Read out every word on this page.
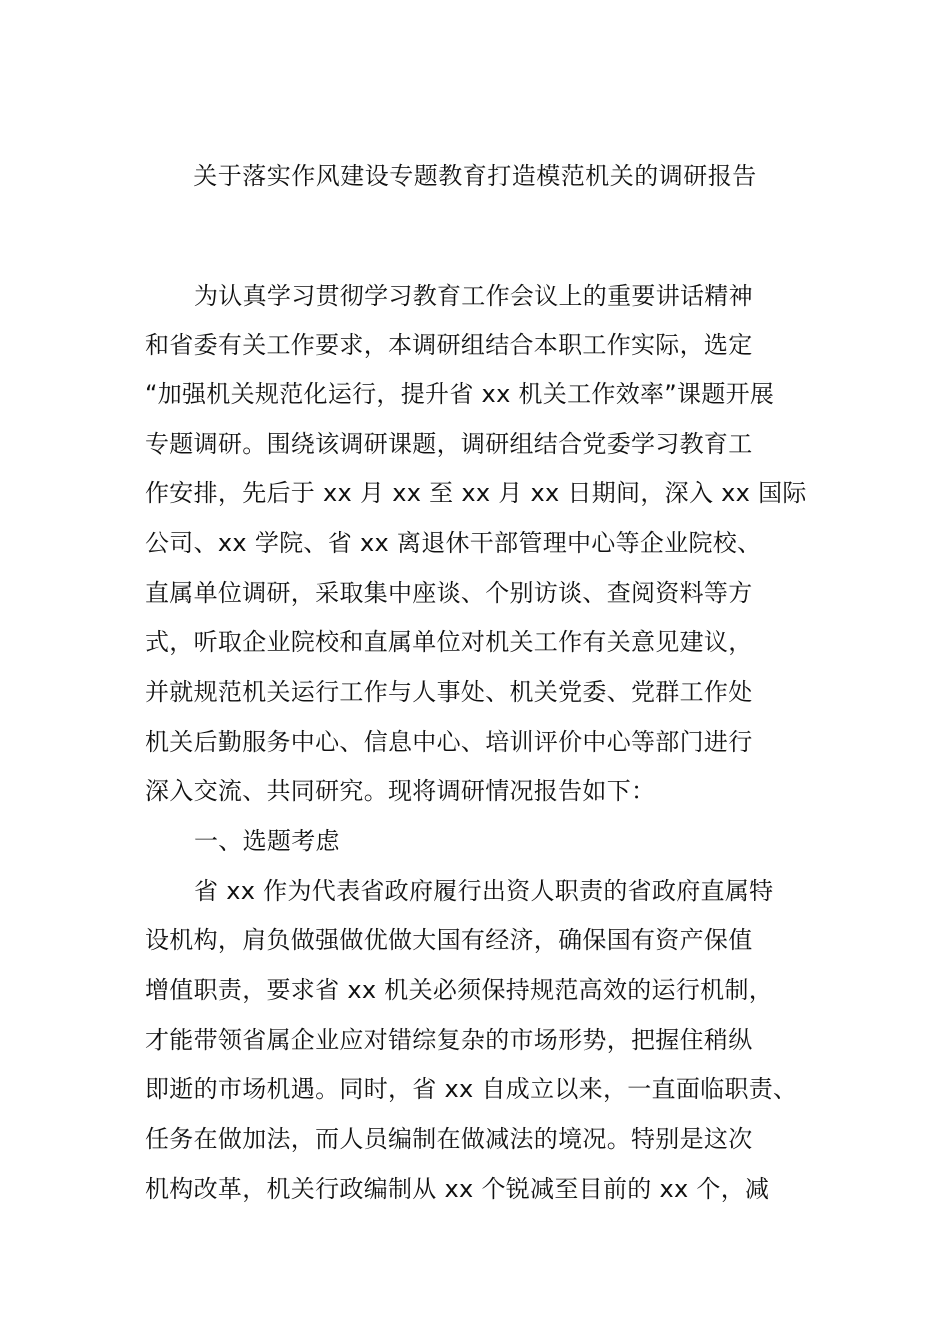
关于落实作风建设专题教育打造模范机关的调研报告
为认真学习贯彻学习教育工作会议上的重要讲话精神
和省委有关工作要求，本调研组结合本职工作实际，选定
“加强机关规范化运行，提升省 xx 机关工作效率”课题开展
专题调研。围绕该调研课题，调研组结合党委学习教育工
作安排，先后于 xx 月 xx 至 xx 月 xx 日期间，深入 xx 国际
公司、xx 学院、省 xx 离退休干部管理中心等企业院校、
直属单位调研，采取集中座谈、个别访谈、查阅资料等方
式，听取企业院校和直属单位对机关工作有关意见建议，
并就规范机关运行工作与人事处、机关党委、党群工作处
机关后勤服务中心、信息中心、培训评价中心等部门进行
深入交流、共同研究。现将调研情况报告如下：
一、选题考虑
省 xx 作为代表省政府履行出资人职责的省政府直属特
设机构，肩负做强做优做大国有经济，确保国有资产保值
增值职责，要求省 xx 机关必须保持规范高效的运行机制，
才能带领省属企业应对错综复杂的市场形势，把握住稍纵
即逝的市场机遇。同时，省 xx 自成立以来，一直面临职责、
任务在做加法，而人员编制在做减法的境况。特别是这次
机构改革，机关行政编制从 xx 个锐减至目前的 xx 个，减
